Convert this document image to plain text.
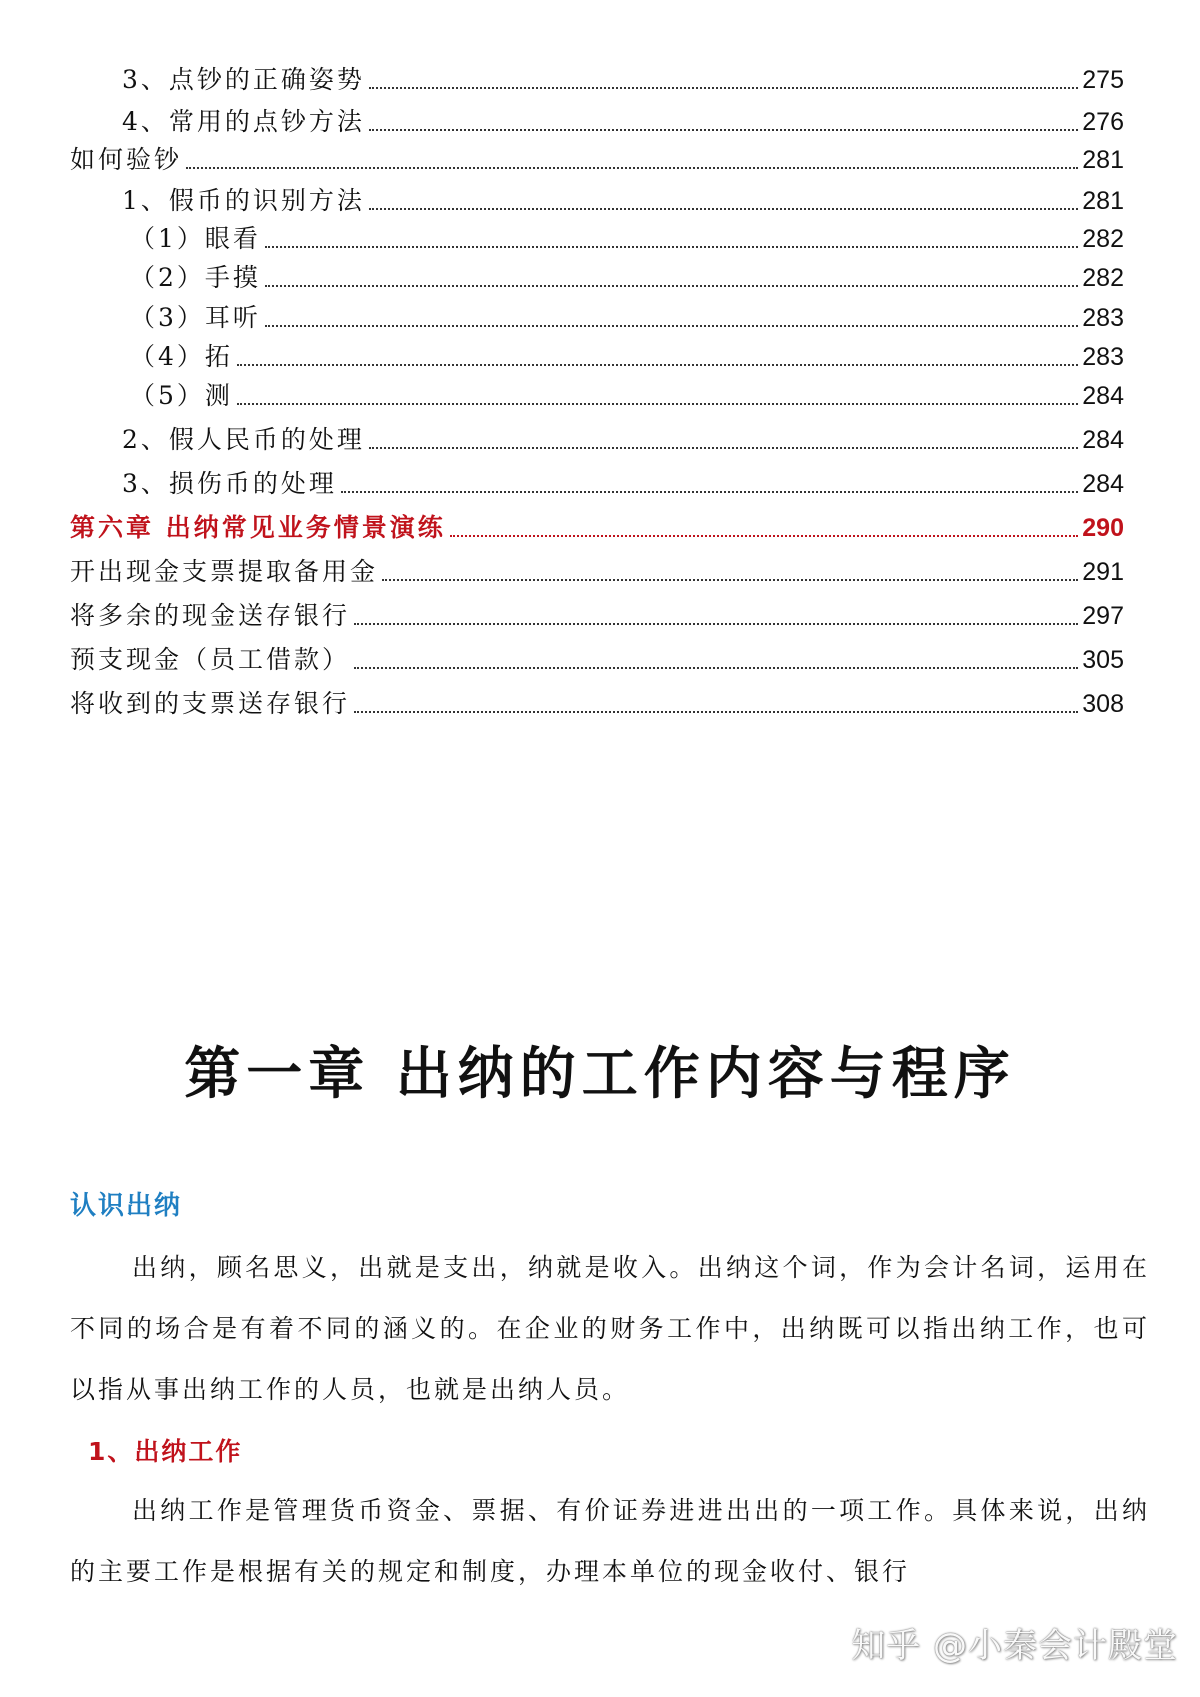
3、点钞的正确姿势	275
4、常用的点钞方法	276
如何验钞	281
1、假币的识别方法	281
（1）眼看	282
（2）手摸	282
（3）耳听	283
（4）拓	283
（5）测	284
2、假人民币的处理	284
3、损伤币的处理	284
第六章 出纳常见业务情景演练	290
开出现金支票提取备用金	291
将多余的现金送存银行	297
预支现金（员工借款）	305
将收到的支票送存银行	308
第一章 出纳的工作内容与程序
认识出纳

出纳，顾名思义，出就是支出，纳就是收入。出纳这个词，作为会计名词，运用在不同的场合是有着不同的涵义的。在企业的财务工作中，出纳既可以指出纳工作，也可以指从事出纳工作的人员，也就是出纳人员。

1、出纳工作

出纳工作是管理货币资金、票据、有价证券进进出出的一项工作。具体来说，出纳的主要工作是根据有关的规定和制度，办理本单位的现金收付、银行

知乎 @小秦会计殿堂
